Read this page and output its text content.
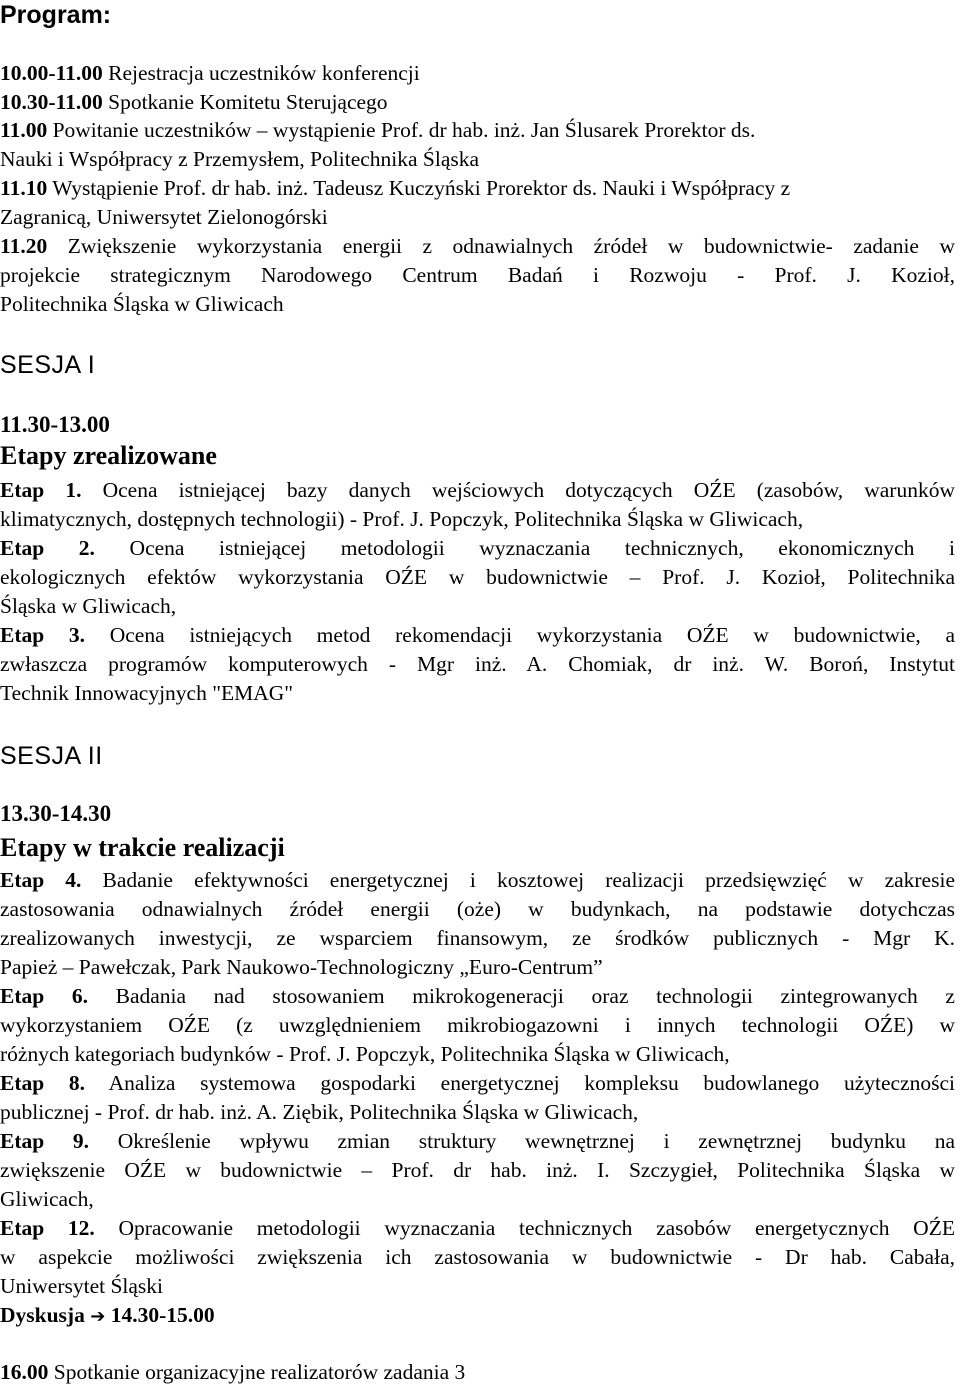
Program:
10.00-11.00 Rejestracja uczestników konferencji
10.30-11.00 Spotkanie Komitetu Sterującego
11.00 Powitanie uczestników – wystąpienie Prof. dr hab. inż. Jan Ślusarek Prorektor ds.
Nauki i Współpracy z Przemysłem, Politechnika Śląska
11.10 Wystąpienie Prof. dr hab. inż. Tadeusz Kuczyński Prorektor ds. Nauki i Współpracy z
Zagranicą, Uniwersytet Zielonogórski
11.20 Zwiększenie wykorzystania energii z odnawialnych źródeł w budownictwie- zadanie w
projekcie strategicznym Narodowego Centrum Badań i Rozwoju - Prof. J. Kozioł,
Politechnika Śląska w Gliwicach
SESJA I
11.30-13.00
Etapy zrealizowane
Etap 1. Ocena istniejącej bazy danych wejściowych dotyczących OŹE (zasobów, warunków
klimatycznych, dostępnych technologii) - Prof. J. Popczyk, Politechnika Śląska w Gliwicach,
Etap 2. Ocena istniejącej metodologii wyznaczania technicznych, ekonomicznych i
ekologicznych efektów wykorzystania OŹE w budownictwie – Prof. J. Kozioł, Politechnika
Śląska w Gliwicach,
Etap 3. Ocena istniejących metod rekomendacji wykorzystania OŹE w budownictwie, a
zwłaszcza programów komputerowych - Mgr inż. A. Chomiak, dr inż. W. Boroń, Instytut
Technik Innowacyjnych "EMAG"
SESJA II
13.30-14.30
Etapy w trakcie realizacji
Etap 4. Badanie efektywności energetycznej i kosztowej realizacji przedsięwzięć w zakresie
zastosowania odnawialnych źródeł energii (oże) w budynkach, na podstawie dotychczas
zrealizowanych inwestycji, ze wsparciem finansowym, ze środków publicznych - Mgr K.
Papież – Pawełczak, Park Naukowo-Technologiczny „Euro-Centrum”
Etap 6. Badania nad stosowaniem mikrokogeneracji oraz technologii zintegrowanych z
wykorzystaniem OŹE (z uwzględnieniem mikrobiogazowni i innych technologii OŹE) w
różnych kategoriach budynków - Prof. J. Popczyk, Politechnika Śląska w Gliwicach,
Etap 8. Analiza systemowa gospodarki energetycznej kompleksu budowlanego użyteczności
publicznej - Prof. dr hab. inż. A. Ziębik, Politechnika Śląska w Gliwicach,
Etap 9. Określenie wpływu zmian struktury wewnętrznej i zewnętrznej budynku na
zwiększenie OŹE w budownictwie – Prof. dr hab. inż. I. Szczygieł, Politechnika Śląska w
Gliwicach,
Etap 12. Opracowanie metodologii wyznaczania technicznych zasobów energetycznych OŹE
w aspekcie możliwości zwiększenia ich zastosowania w budownictwie - Dr hab. Cabała,
Uniwersytet Śląski
Dyskusja ➔ 14.30-15.00
16.00 Spotkanie organizacyjne realizatorów zadania 3
